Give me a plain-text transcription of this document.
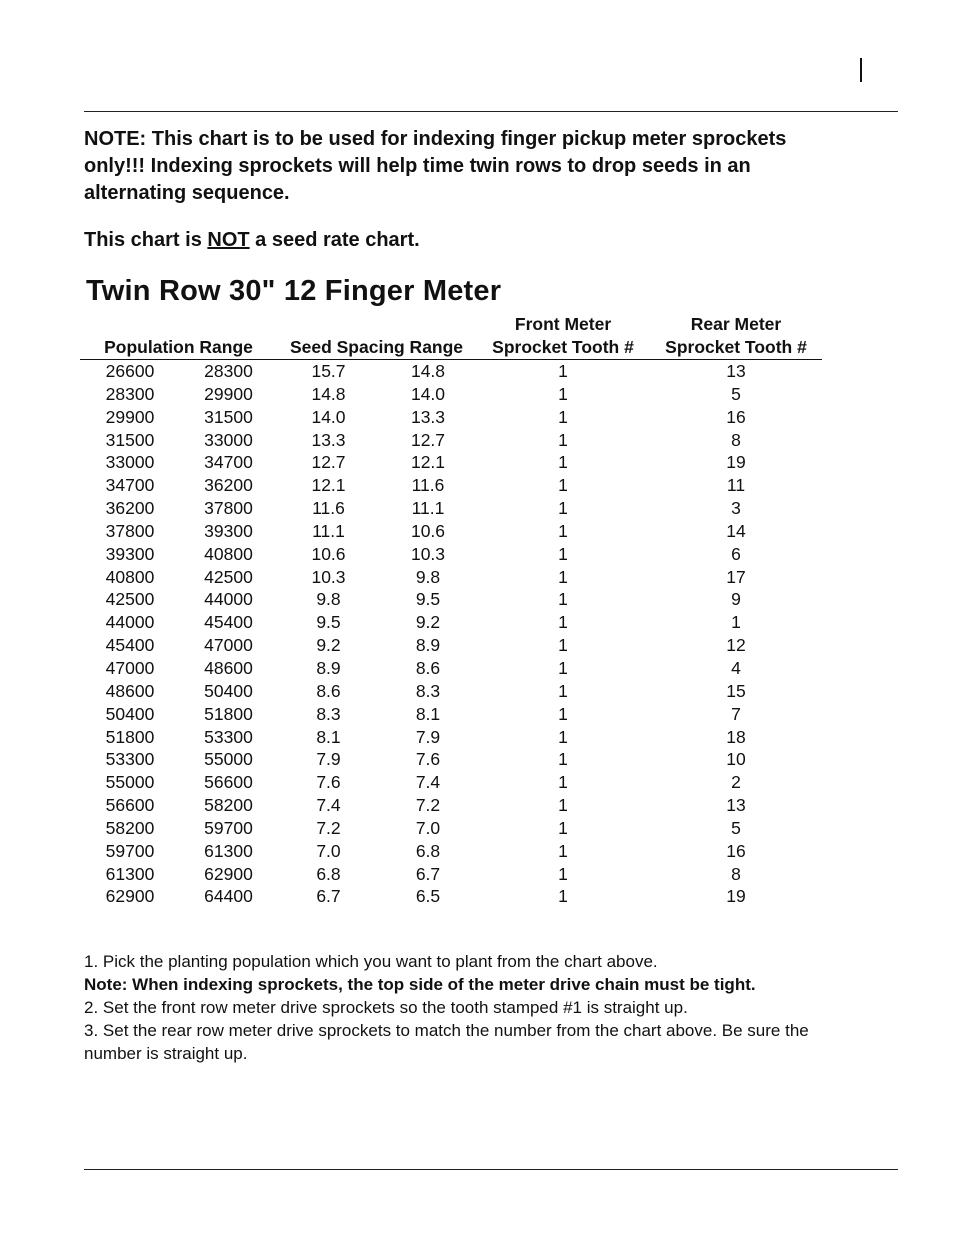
NOTE: This chart is to be used for indexing finger pickup meter sprockets only!!! Indexing sprockets will help time twin rows to drop seeds in an alternating sequence.

This chart is NOT a seed rate chart.

Twin Row 30" 12 Finger Meter
				Front Meter	Rear Meter
Population Range		Seed Spacing Range		Sprocket Tooth #	Sprocket Tooth #
26600	28300	15.7	14.8	1	13
28300	29900	14.8	14.0	1	5
29900	31500	14.0	13.3	1	16
31500	33000	13.3	12.7	1	8
33000	34700	12.7	12.1	1	19
34700	36200	12.1	11.6	1	11
36200	37800	11.6	11.1	1	3
37800	39300	11.1	10.6	1	14
39300	40800	10.6	10.3	1	6
40800	42500	10.3	9.8	1	17
42500	44000	9.8	9.5	1	9
44000	45400	9.5	9.2	1	1
45400	47000	9.2	8.9	1	12
47000	48600	8.9	8.6	1	4
48600	50400	8.6	8.3	1	15
50400	51800	8.3	8.1	1	7
51800	53300	8.1	7.9	1	18
53300	55000	7.9	7.6	1	10
55000	56600	7.6	7.4	1	2
56600	58200	7.4	7.2	1	13
58200	59700	7.2	7.0	1	5
59700	61300	7.0	6.8	1	16
61300	62900	6.8	6.7	1	8
62900	64400	6.7	6.5	1	19

1. Pick the planting population which you want to plant from the chart above.

Note: When indexing sprockets, the top side of the meter drive chain must be tight.

2. Set the front row meter drive sprockets so the tooth stamped #1 is straight up.

3. Set the rear row meter drive sprockets to match the number from the chart above. Be sure the number is straight up.
